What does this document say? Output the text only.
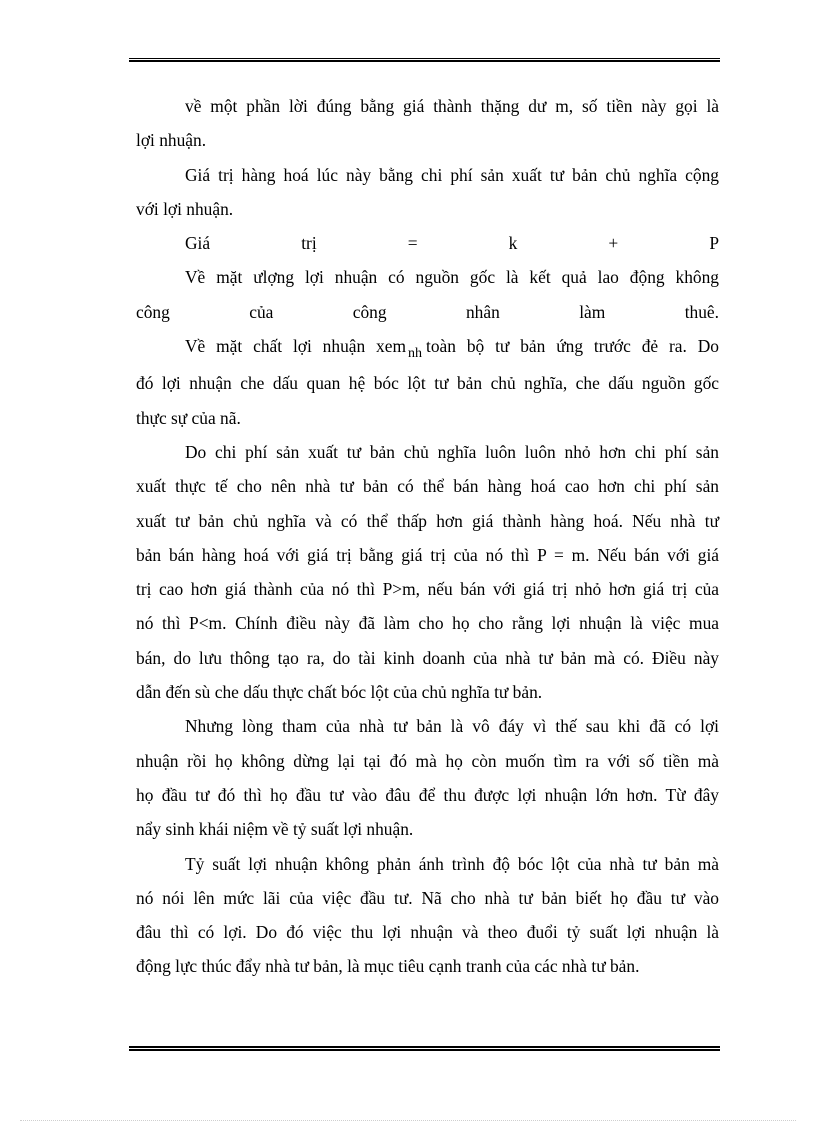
về một phần lời đúng bằng giá thành thặng dư m, số tiền này gọi là
lợi nhuận.
Giá trị hàng hoá lúc này bằng chi phí sản xuất tư bản chủ nghĩa cộng
với lợi nhuận.
Giá	trị	=	k	+	P
Về mặt ưlợng lợi nhuận có nguồn gốc là kết quả lao động không
công	của	công	nhân	làm	thuê.
Về mặt chất lợi nhuận xem $_{nh}$ toàn bộ tư bản ứng trước đẻ ra. Do
đó lợi nhuận che dấu quan hệ bóc lột tư bản chủ nghĩa, che dấu nguồn gốc
thực sự của nã.
Do chi phí sản xuất tư bản chủ nghĩa luôn luôn nhỏ hơn chi phí sản
xuất thực tế cho nên nhà tư bản có thể bán hàng hoá cao hơn chi phí sản
xuất tư bản chủ nghĩa và có thể thấp hơn giá thành hàng hoá. Nếu nhà tư
bản bán hàng hoá với giá trị bằng giá trị của nó thì P = m. Nếu bán với giá
trị cao hơn giá thành của nó thì P>m, nếu bán với giá trị nhỏ hơn giá trị của
nó thì P<m. Chính điều này đã làm cho họ cho rằng lợi nhuận là việc mua
bán, do lưu thông tạo ra, do tài kinh doanh của nhà tư bản mà có. Điều này
dẫn đến sù che dấu thực chất bóc lột của chủ nghĩa tư bản.
Nhưng lòng tham của nhà tư bản là vô đáy vì thế sau khi đã có lợi
nhuận rồi họ không dừng lại tại đó mà họ còn muốn tìm ra với số tiền mà
họ đầu tư đó thì họ đầu tư vào đâu để thu được lợi nhuận lớn hơn. Từ đây
nẩy sinh khái niệm về tỷ suất lợi nhuận.
Tỷ suất lợi nhuận không phản ánh trình độ bóc lột của nhà tư bản mà
nó nói lên mức lãi của việc đầu tư. Nã cho nhà tư bản biết họ đầu tư vào
đâu thì có lợi. Do đó việc thu lợi nhuận và theo đuổi tỷ suất lợi nhuận là
động lực thúc đẩy nhà tư bản, là mục tiêu cạnh tranh của các nhà tư bản.
